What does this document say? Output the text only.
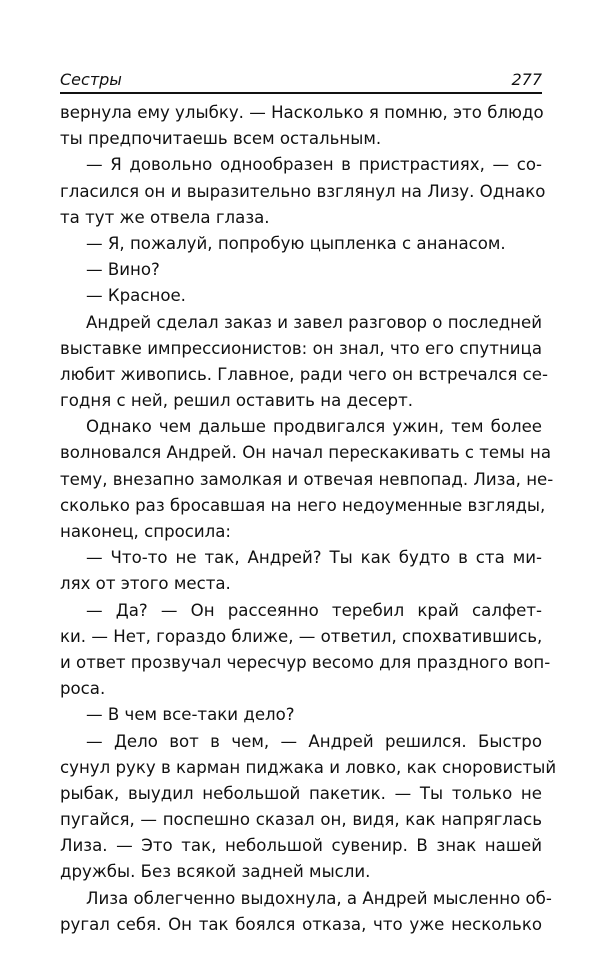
Сестры	277
вернула ему улыбку. — Насколько я помню, это блюдо
ты предпочитаешь всем остальным.
— Я довольно однообразен в пристрастиях, — со-
гласился он и выразительно взглянул на Лизу. Однако
та тут же отвела глаза.
— Я, пожалуй, попробую цыпленка с ананасом.
— Вино?
— Красное.
Андрей сделал заказ и завел разговор о последней
выставке импрессионистов: он знал, что его спутница
любит живопись. Главное, ради чего он встречался се-
годня с ней, решил оставить на десерт.
Однако чем дальше продвигался ужин, тем более
волновался Андрей. Он начал перескакивать с темы на
тему, внезапно замолкая и отвечая невпопад. Лиза, не-
сколько раз бросавшая на него недоуменные взгляды,
наконец, спросила:
— Что-то не так, Андрей? Ты как будто в ста ми-
лях от этого места.
— Да? — Он рассеянно теребил край салфет-
ки. — Нет, гораздо ближе, — ответил, спохватившись,
и ответ прозвучал чересчур весомо для праздного воп-
роса.
— В чем все-таки дело?
— Дело вот в чем, — Андрей решился. Быстро
сунул руку в карман пиджака и ловко, как сноровистый
рыбак, выудил небольшой пакетик. — Ты только не
пугайся, — поспешно сказал он, видя, как напряглась
Лиза. — Это так, небольшой сувенир. В знак нашей
дружбы. Без всякой задней мысли.
Лиза облегченно выдохнула, а Андрей мысленно об-
ругал себя. Он так боялся отказа, что уже несколько
